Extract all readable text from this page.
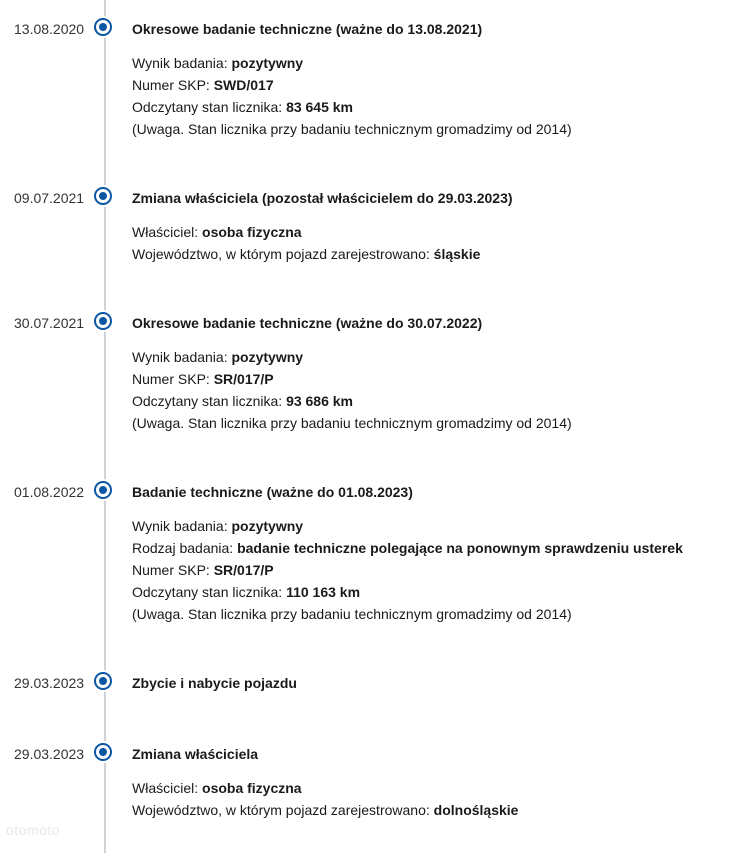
13.08.2020	Okresowe badanie techniczne (ważne do 13.08.2021)
Wynik badania: pozytywny
Numer SKP: SWD/017
Odczytany stan licznika: 83 645 km
(Uwaga. Stan licznika przy badaniu technicznym gromadzimy od 2014)
09.07.2021	Zmiana właściciela (pozostał właścicielem do 29.03.2023)
Właściciel: osoba fizyczna
Województwo, w którym pojazd zarejestrowano: śląskie
30.07.2021	Okresowe badanie techniczne (ważne do 30.07.2022)
Wynik badania: pozytywny
Numer SKP: SR/017/P
Odczytany stan licznika: 93 686 km
(Uwaga. Stan licznika przy badaniu technicznym gromadzimy od 2014)
01.08.2022	Badanie techniczne (ważne do 01.08.2023)
Wynik badania: pozytywny
Rodzaj badania: badanie techniczne polegające na ponownym sprawdzeniu usterek
Numer SKP: SR/017/P
Odczytany stan licznika: 110 163 km
(Uwaga. Stan licznika przy badaniu technicznym gromadzimy od 2014)
29.03.2023	Zbycie i nabycie pojazdu
29.03.2023	Zmiana właściciela
Właściciel: osoba fizyczna
Województwo, w którym pojazd zarejestrowano: dolnośląskie
otomoto
